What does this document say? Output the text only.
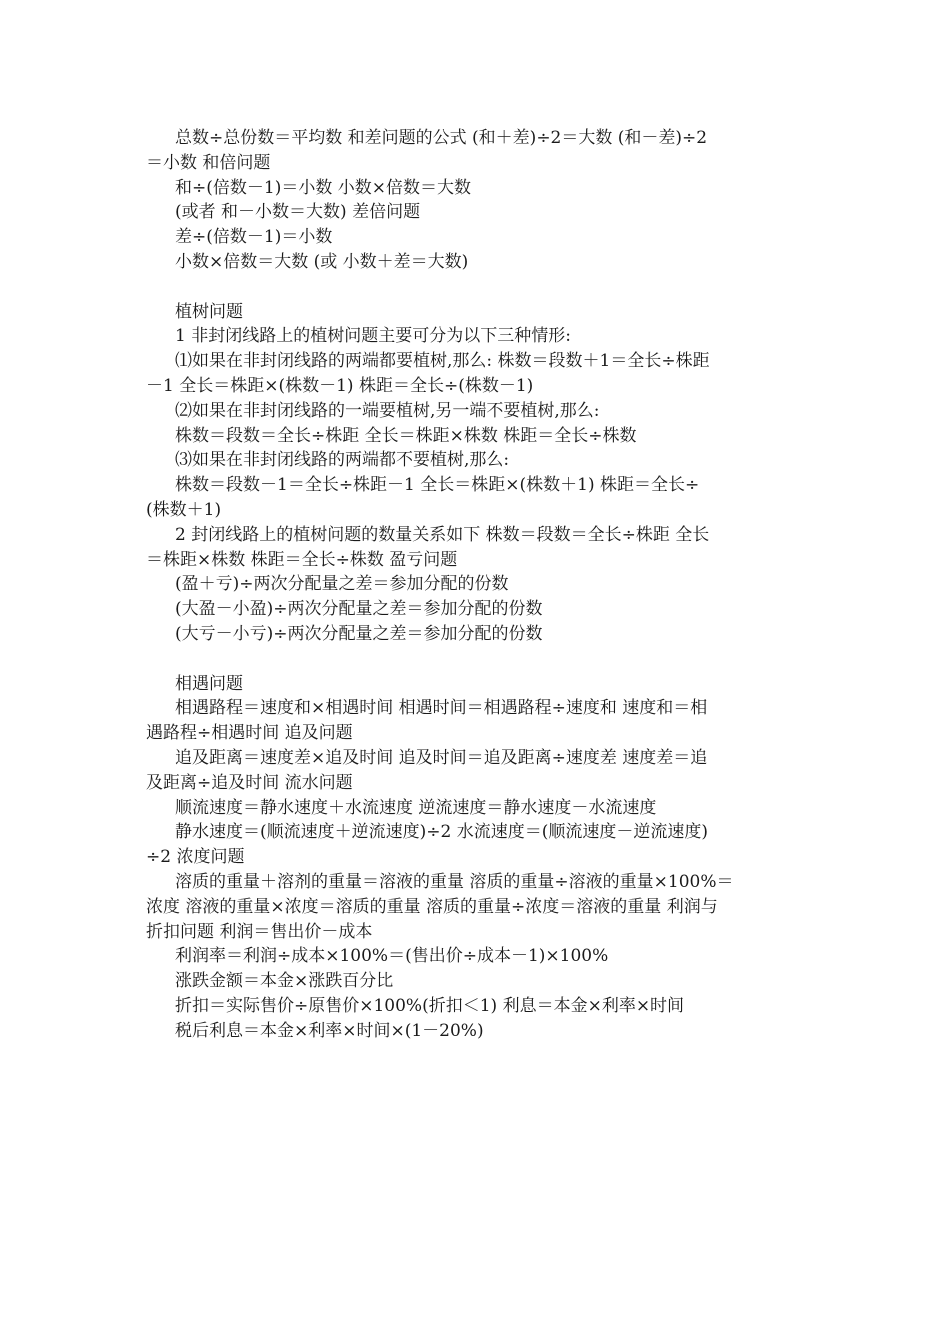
总数÷总份数＝平均数 和差问题的公式 (和＋差)÷2＝大数 (和－差)÷2
＝小数 和倍问题
和÷(倍数－1)＝小数 小数×倍数＝大数
(或者 和－小数＝大数) 差倍问题
差÷(倍数－1)＝小数
小数×倍数＝大数 (或 小数＋差＝大数)
植树问题
1 非封闭线路上的植树问题主要可分为以下三种情形:
⑴如果在非封闭线路的两端都要植树,那么: 株数＝段数＋1＝全长÷株距
－1 全长＝株距×(株数－1) 株距＝全长÷(株数－1)
⑵如果在非封闭线路的一端要植树,另一端不要植树,那么:
株数＝段数＝全长÷株距 全长＝株距×株数 株距＝全长÷株数
⑶如果在非封闭线路的两端都不要植树,那么:
株数＝段数－1＝全长÷株距－1 全长＝株距×(株数＋1) 株距＝全长÷
(株数＋1)
2 封闭线路上的植树问题的数量关系如下 株数＝段数＝全长÷株距 全长
＝株距×株数 株距＝全长÷株数 盈亏问题
(盈＋亏)÷两次分配量之差＝参加分配的份数
(大盈－小盈)÷两次分配量之差＝参加分配的份数
(大亏－小亏)÷两次分配量之差＝参加分配的份数
相遇问题
相遇路程＝速度和×相遇时间 相遇时间＝相遇路程÷速度和 速度和＝相
遇路程÷相遇时间 追及问题
追及距离＝速度差×追及时间 追及时间＝追及距离÷速度差 速度差＝追
及距离÷追及时间 流水问题
顺流速度＝静水速度＋水流速度 逆流速度＝静水速度－水流速度
静水速度＝(顺流速度＋逆流速度)÷2 水流速度＝(顺流速度－逆流速度)
÷2 浓度问题
溶质的重量＋溶剂的重量＝溶液的重量 溶质的重量÷溶液的重量×100%＝
浓度 溶液的重量×浓度＝溶质的重量 溶质的重量÷浓度＝溶液的重量 利润与
折扣问题 利润＝售出价－成本
利润率＝利润÷成本×100%＝(售出价÷成本－1)×100%
涨跌金额＝本金×涨跌百分比
折扣＝实际售价÷原售价×100%(折扣＜1) 利息＝本金×利率×时间
税后利息＝本金×利率×时间×(1－20%)
